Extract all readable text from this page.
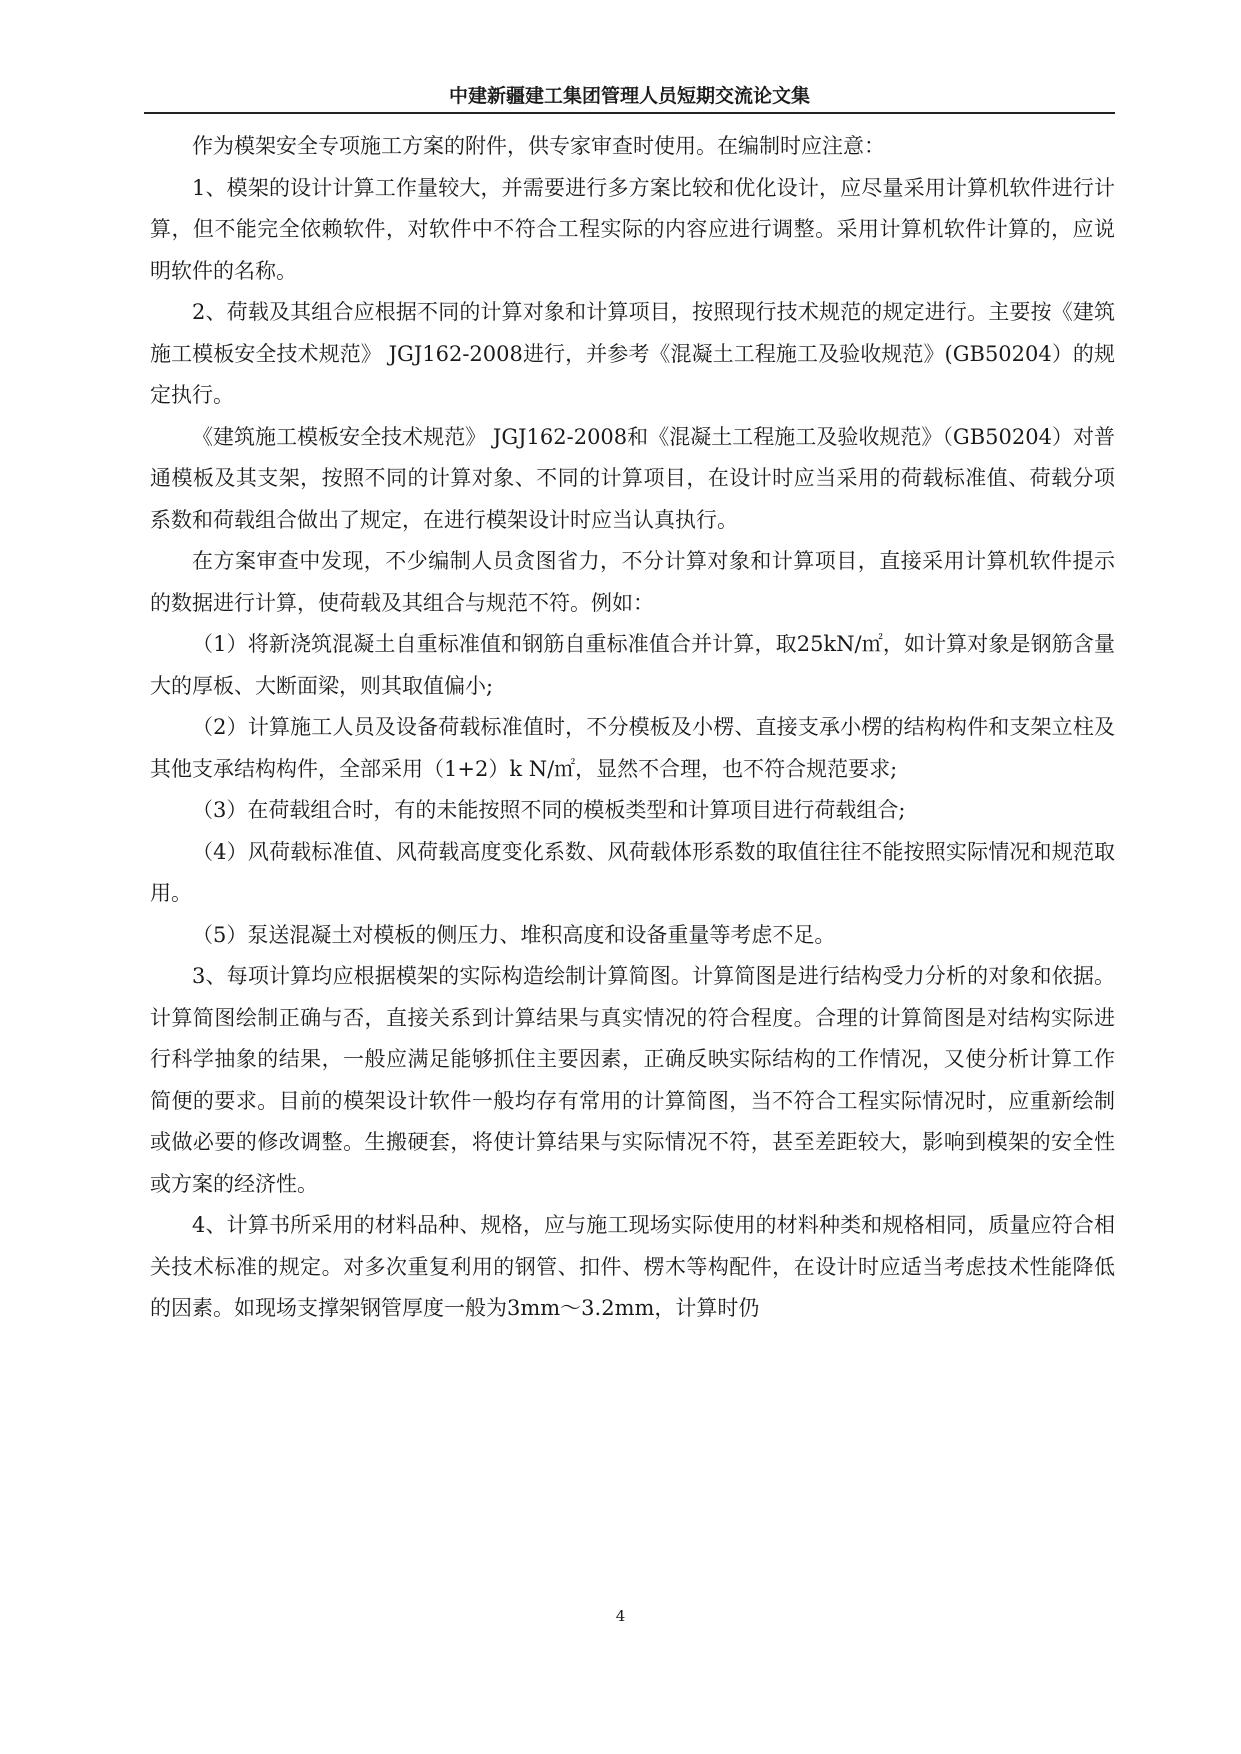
中建新疆建工集团管理人员短期交流论文集

作为模架安全专项施工方案的附件，供专家审查时使用。在编制时应注意：

1、模架的设计计算工作量较大，并需要进行多方案比较和优化设计，应尽量采用计算机软件进行计算，但不能完全依赖软件，对软件中不符合工程实际的内容应进行调整。采用计算机软件计算的，应说明软件的名称。

2、荷载及其组合应根据不同的计算对象和计算项目，按照现行技术规范的规定进行。主要按《建筑施工模板安全技术规范》 JGJ162-2008进行，并参考《混凝土工程施工及验收规范》(GB50204）的规定执行。

《建筑施工模板安全技术规范》 JGJ162-2008和《混凝土工程施工及验收规范》（GB50204）对普通模板及其支架，按照不同的计算对象、不同的计算项目，在设计时应当采用的荷载标准值、荷载分项系数和荷载组合做出了规定，在进行模架设计时应当认真执行。

在方案审查中发现，不少编制人员贪图省力，不分计算对象和计算项目，直接采用计算机软件提示的数据进行计算，使荷载及其组合与规范不符。例如：

（1）将新浇筑混凝土自重标准值和钢筋自重标准值合并计算，取25kN/㎡，如计算对象是钢筋含量大的厚板、大断面梁，则其取值偏小;

（2）计算施工人员及设备荷载标准值时，不分模板及小楞、直接支承小楞的结构构件和支架立柱及其他支承结构构件，全部采用（1+2）k N/㎡，显然不合理，也不符合规范要求;

（3）在荷载组合时，有的未能按照不同的模板类型和计算项目进行荷载组合;

（4）风荷载标准值、风荷载高度变化系数、风荷载体形系数的取值往往不能按照实际情况和规范取用。

（5）泵送混凝土对模板的侧压力、堆积高度和设备重量等考虑不足。

3、每项计算均应根据模架的实际构造绘制计算简图。计算简图是进行结构受力分析的对象和依据。计算简图绘制正确与否，直接关系到计算结果与真实情况的符合程度。合理的计算简图是对结构实际进行科学抽象的结果，一般应满足能够抓住主要因素，正确反映实际结构的工作情况，又使分析计算工作简便的要求。目前的模架设计软件一般均存有常用的计算简图，当不符合工程实际情况时，应重新绘制或做必要的修改调整。生搬硬套，将使计算结果与实际情况不符，甚至差距较大，影响到模架的安全性或方案的经济性。

4、计算书所采用的材料品种、规格，应与施工现场实际使用的材料种类和规格相同，质量应符合相关技术标准的规定。对多次重复利用的钢管、扣件、楞木等构配件，在设计时应适当考虑技术性能降低的因素。如现场支撑架钢管厚度一般为3mm～3.2mm，计算时仍

4
